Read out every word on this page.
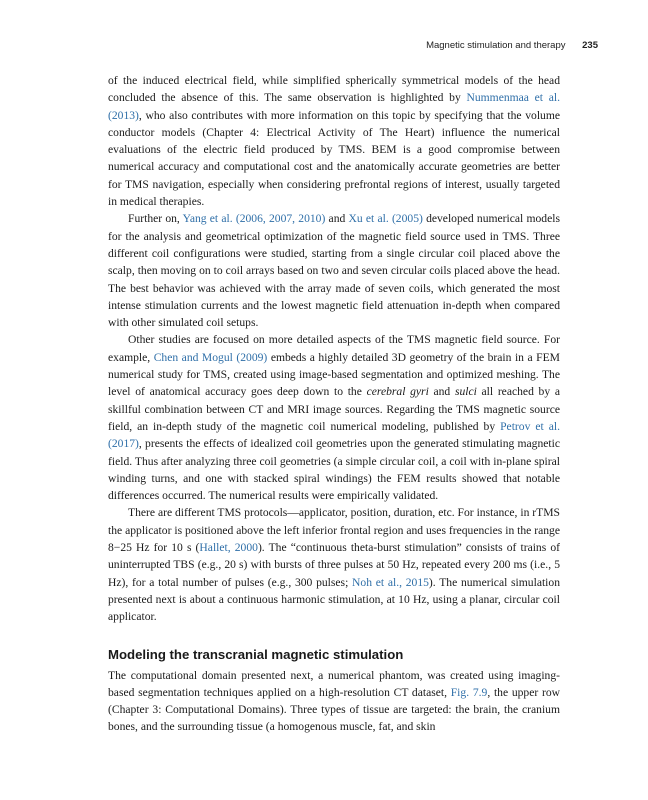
Magnetic stimulation and therapy 235

of the induced electrical field, while simplified spherically symmetrical models of the head concluded the absence of this. The same observation is highlighted by Nummenmaa et al. (2013), who also contributes with more information on this topic by specifying that the volume conductor models (Chapter 4: Electrical Activity of The Heart) influence the numerical evaluations of the electric field produced by TMS. BEM is a good compromise between numerical accuracy and computational cost and the anatomically accurate geometries are better for TMS navigation, especially when considering prefrontal regions of interest, usually targeted in medical therapies.

Further on, Yang et al. (2006, 2007, 2010) and Xu et al. (2005) developed numerical models for the analysis and geometrical optimization of the magnetic field source used in TMS. Three different coil configurations were studied, starting from a single circular coil placed above the scalp, then moving on to coil arrays based on two and seven circular coils placed above the head. The best behavior was achieved with the array made of seven coils, which generated the most intense stimulation currents and the lowest magnetic field attenuation in-depth when compared with other simulated coil setups.

Other studies are focused on more detailed aspects of the TMS magnetic field source. For example, Chen and Mogul (2009) embeds a highly detailed 3D geometry of the brain in a FEM numerical study for TMS, created using image-based segmentation and optimized meshing. The level of anatomical accuracy goes deep down to the cerebral gyri and sulci all reached by a skillful combination between CT and MRI image sources. Regarding the TMS magnetic source field, an in-depth study of the magnetic coil numerical modeling, published by Petrov et al. (2017), presents the effects of idealized coil geometries upon the generated stimulating magnetic field. Thus after analyzing three coil geometries (a simple circular coil, a coil with in-plane spiral winding turns, and one with stacked spiral windings) the FEM results showed that notable differences occurred. The numerical results were empirically validated.

There are different TMS protocols—applicator, position, duration, etc. For instance, in rTMS the applicator is positioned above the left inferior frontal region and uses frequencies in the range 8−25 Hz for 10 s (Hallet, 2000). The “continuous theta-burst stimulation” consists of trains of uninterrupted TBS (e.g., 20 s) with bursts of three pulses at 50 Hz, repeated every 200 ms (i.e., 5 Hz), for a total number of pulses (e.g., 300 pulses; Noh et al., 2015). The numerical simulation presented next is about a continuous harmonic stimulation, at 10 Hz, using a planar, circular coil applicator.

Modeling the transcranial magnetic stimulation

The computational domain presented next, a numerical phantom, was created using imaging-based segmentation techniques applied on a high-resolution CT dataset, Fig. 7.9, the upper row (Chapter 3: Computational Domains). Three types of tissue are targeted: the brain, the cranium bones, and the surrounding tissue (a homogenous muscle, fat, and skin
